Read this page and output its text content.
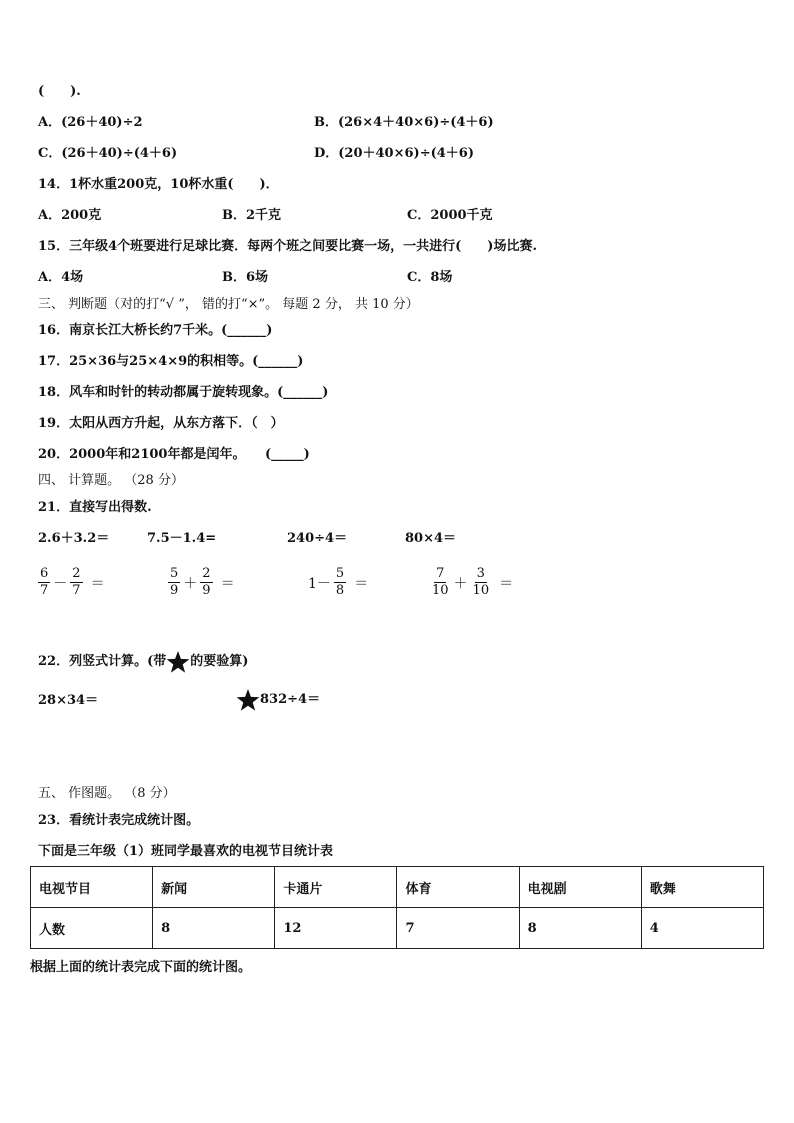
(　　).
A．(26＋40)÷2	B．(26×4＋40×6)÷(4＋6)
C．(26＋40)÷(4＋6)	D．(20＋40×6)÷(4＋6)
14．1杯水重200克，10杯水重(　　)．
A．200克	B．2千克	C．2000千克
15．三年级4个班要进行足球比赛．每两个班之间要比赛一场，一共进行(　　)场比赛.
A．4场	B．6场	C．8场
三、 判断题（对的打“√ ”， 错的打“×”。 每题 2 分， 共 10 分）
16．南京长江大桥长约7千米。(______)
17．25×36与25×4×9的积相等。(______)
18．风车和时针的转动都属于旋转现象。(______)
19．太阳从西方升起，从东方落下．（　）
20．2000年和2100年都是闰年。　　(_____)
四、 计算题。 （28 分）
21．直接写出得数.
2.6＋3.2＝	7.5－1.4=	240÷4＝	80×4＝
6
7 －
2
7 ＝
5
9 ＋
2
9 ＝	1－
5
8 ＝
7
10 ＋
3
10 ＝
22．列竖式计算。(带 的要验算)
28×34＝	832÷4＝
五、 作图题。 （8 分）
23．看统计表完成统计图。
下面是三年级（1）班同学最喜欢的电视节目统计表
电视节目	新闻	卡通片	体育	电视剧	歌舞
人数	8	12	7	8	4
根据上面的统计表完成下面的统计图。
